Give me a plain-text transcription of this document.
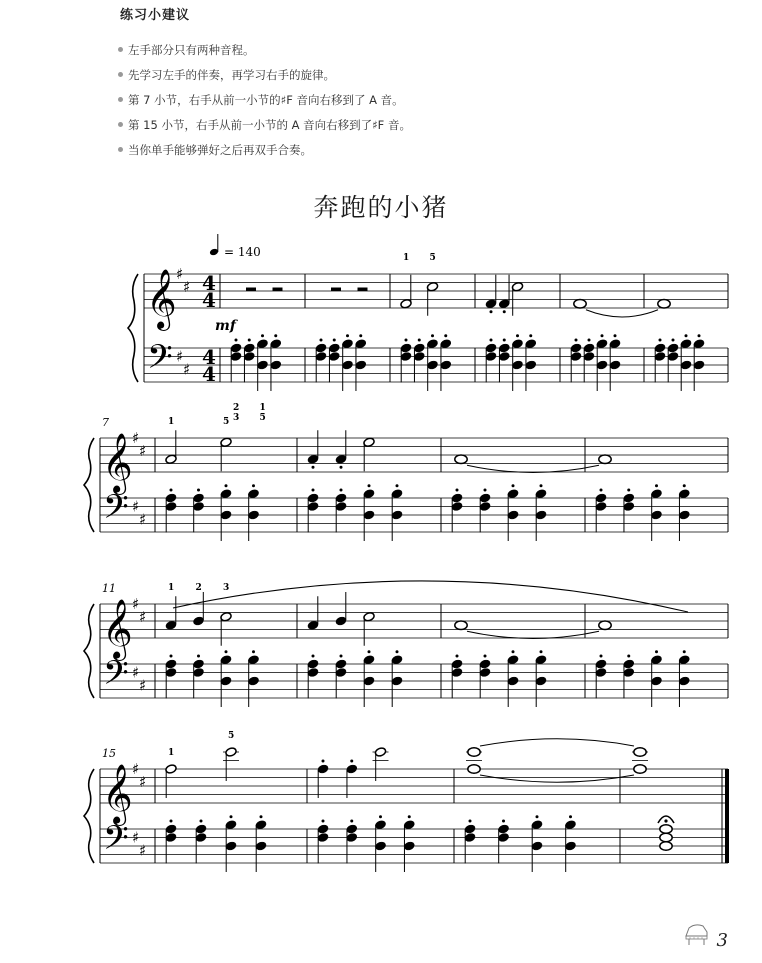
练习小建议
左手部分只有两种音程。
先学习左手的伴奏，再学习右手的旋律。
第 7 小节，右手从前一小节的♯F 音向右移到了 A 音。
第 15 小节，右手从前一小节的 A 音向右移到了♯F 音。
当你单手能够弹好之后再双手合奏。
奔跑的小猪
𝄞
𝄢
♯
♯
♯
♯
4
4
4
4
2
3
1
5
1 5
= 140
mf
𝄞
𝄢
♯
♯
♯
♯
7	1	5
𝄞
𝄢
♯
♯
♯
♯
11	1 2 3
𝄞
𝄢
♯
♯
♯
♯
15	1
5
3
